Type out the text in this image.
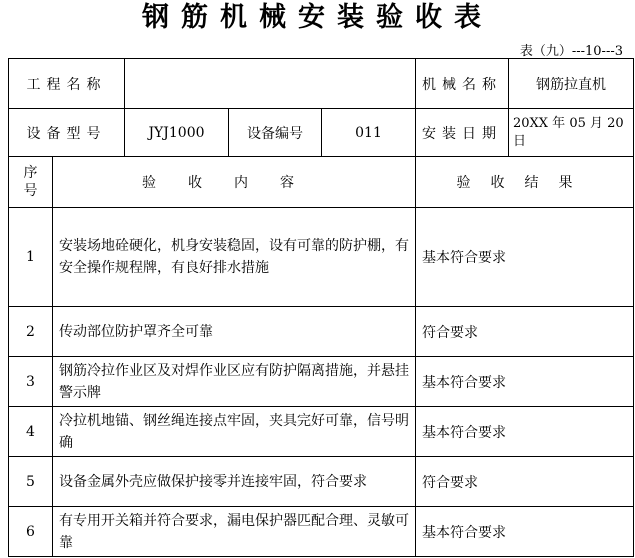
钢筋机械安装验收表
表（九）---10---3
工程名称					机械名称	钢筋拉直机
设备型号		JYJ1000	设备编号	011	安装日期	20XX 年 05 月 20 日
序号	验收内容				验收结果	
1	安装场地硂硬化，机身安装稳固，设有可靠的防护棚，有安全操作规程牌，有良好排水措施				基本符合要求	
2	传动部位防护罩齐全可靠				符合要求	
3	钢筋冷拉作业区及对焊作业区应有防护隔离措施，并悬挂警示牌				基本符合要求	
4	冷拉机地锚、钢丝绳连接点牢固，夹具完好可靠，信号明确				基本符合要求	
5	设备金属外壳应做保护接零并连接牢固，符合要求				符合要求	
6	有专用开关箱并符合要求，漏电保护器匹配合理、灵敏可靠				基本符合要求	
